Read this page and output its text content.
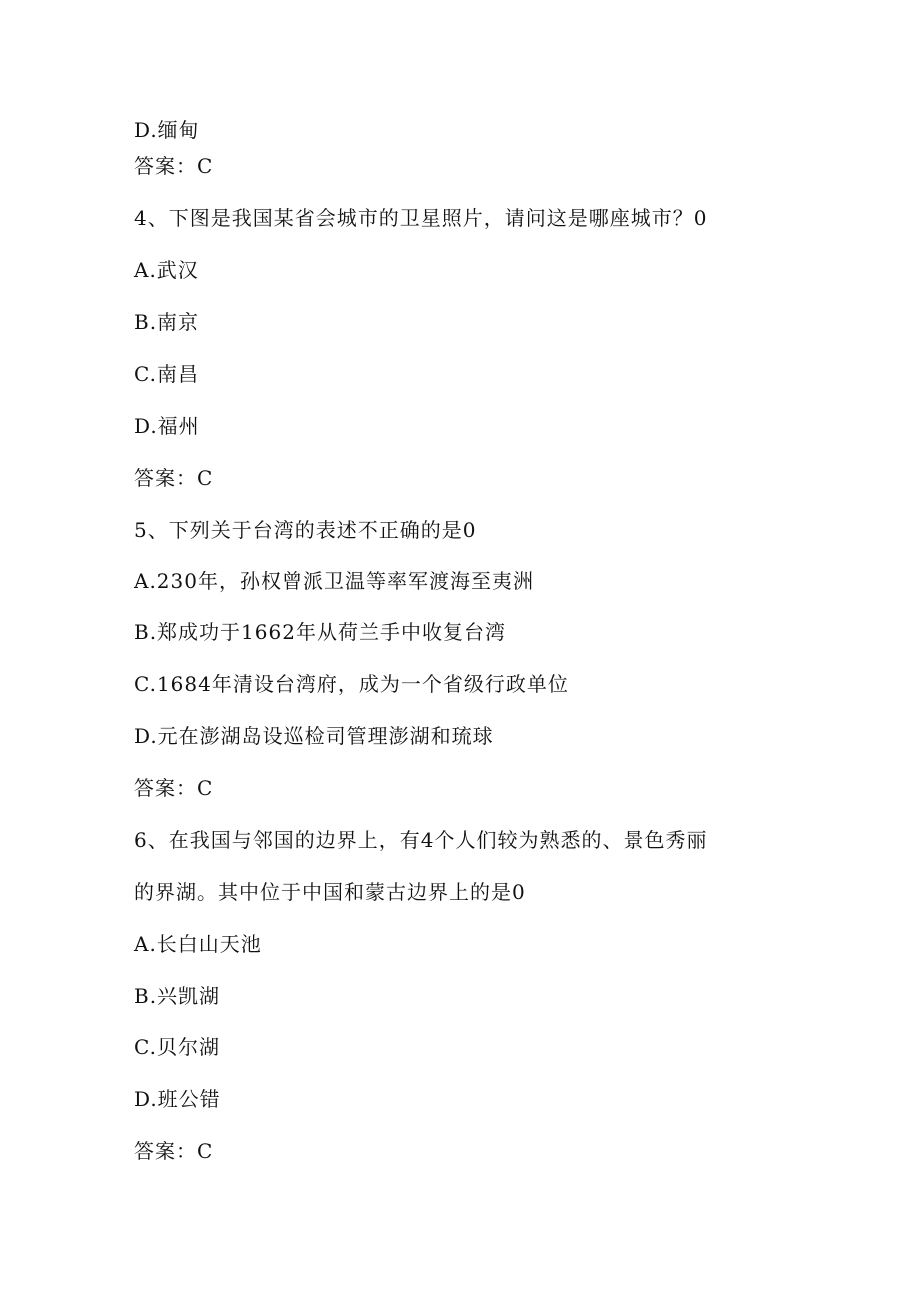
D.缅甸
答案：C
4、下图是我国某省会城市的卫星照片，请问这是哪座城市？0
A.武汉
B.南京
C.南昌
D.福州
答案：C
5、下列关于台湾的表述不正确的是0
A.230年，孙权曾派卫温等率军渡海至夷洲
B.郑成功于1662年从荷兰手中收复台湾
C.1684年清设台湾府，成为一个省级行政单位
D.元在澎湖岛设巡检司管理澎湖和琉球
答案：C
6、在我国与邻国的边界上，有4个人们较为熟悉的、景色秀丽
的界湖。其中位于中国和蒙古边界上的是0
A.长白山天池
B.兴凯湖
C.贝尔湖
D.班公错
答案：C
